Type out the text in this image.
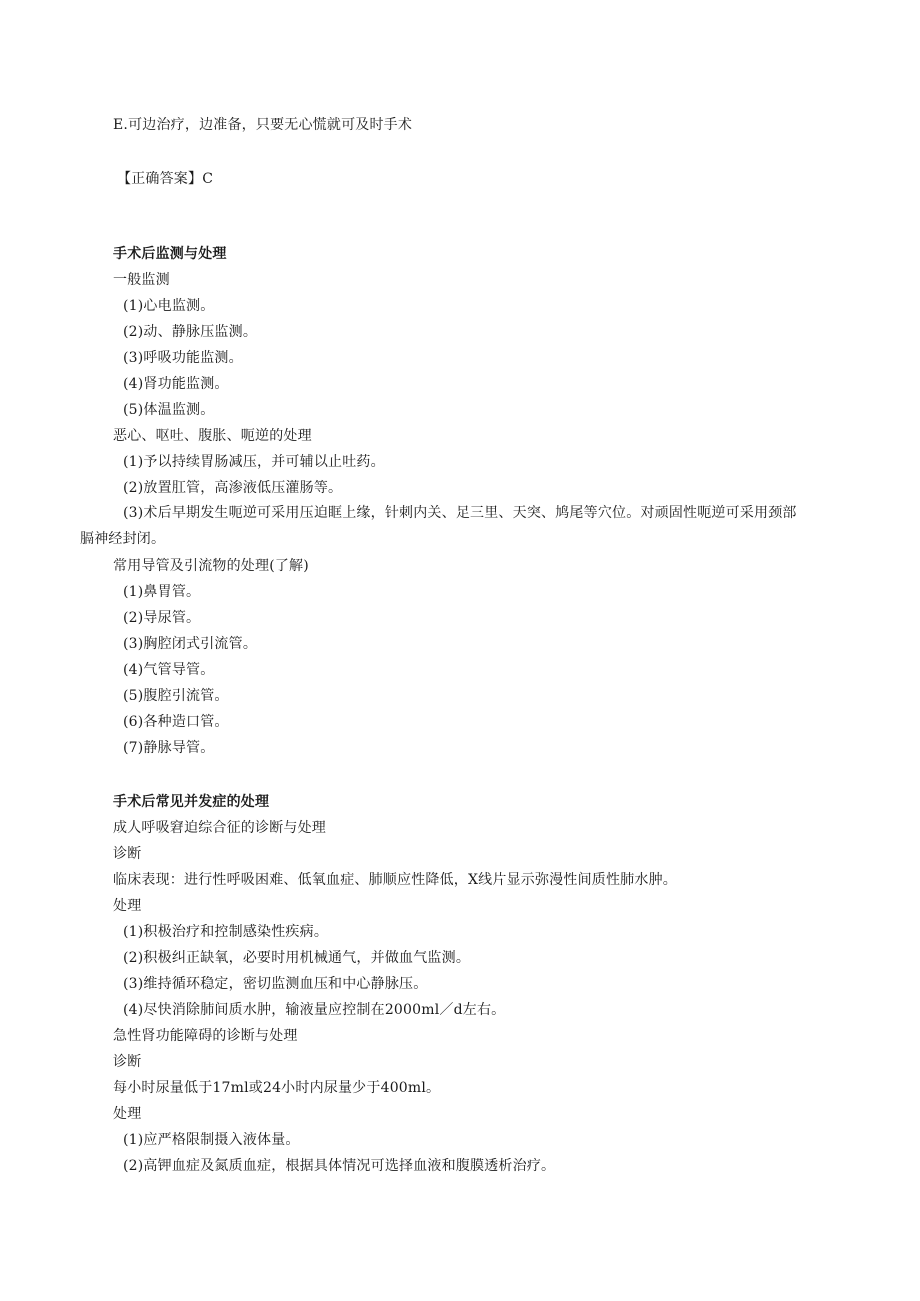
E.可边治疗，边准备，只要无心慌就可及时手术
【正确答案】C
手术后监测与处理
一般监测
(1)心电监测。
(2)动、静脉压监测。
(3)呼吸功能监测。
(4)肾功能监测。
(5)体温监测。
恶心、呕吐、腹胀、呃逆的处理
(1)予以持续胃肠减压，并可辅以止吐药。
(2)放置肛管，高渗液低压灌肠等。
(3)术后早期发生呃逆可采用压迫眶上缘，针刺内关、足三里、天突、鸠尾等穴位。对顽固性呃逆可采用颈部膈神经封闭。
常用导管及引流物的处理(了解)
(1)鼻胃管。
(2)导尿管。
(3)胸腔闭式引流管。
(4)气管导管。
(5)腹腔引流管。
(6)各种造口管。
(7)静脉导管。
手术后常见并发症的处理
成人呼吸窘迫综合征的诊断与处理
诊断
临床表现：进行性呼吸困难、低氧血症、肺顺应性降低，X线片显示弥漫性间质性肺水肿。
处理
(1)积极治疗和控制感染性疾病。
(2)积极纠正缺氧，必要时用机械通气，并做血气监测。
(3)维持循环稳定，密切监测血压和中心静脉压。
(4)尽快消除肺间质水肿，输液量应控制在2000ml／d左右。
急性肾功能障碍的诊断与处理
诊断
每小时尿量低于17ml或24小时内尿量少于400ml。
处理
(1)应严格限制摄入液体量。
(2)高钾血症及氮质血症，根据具体情况可选择血液和腹膜透析治疗。
